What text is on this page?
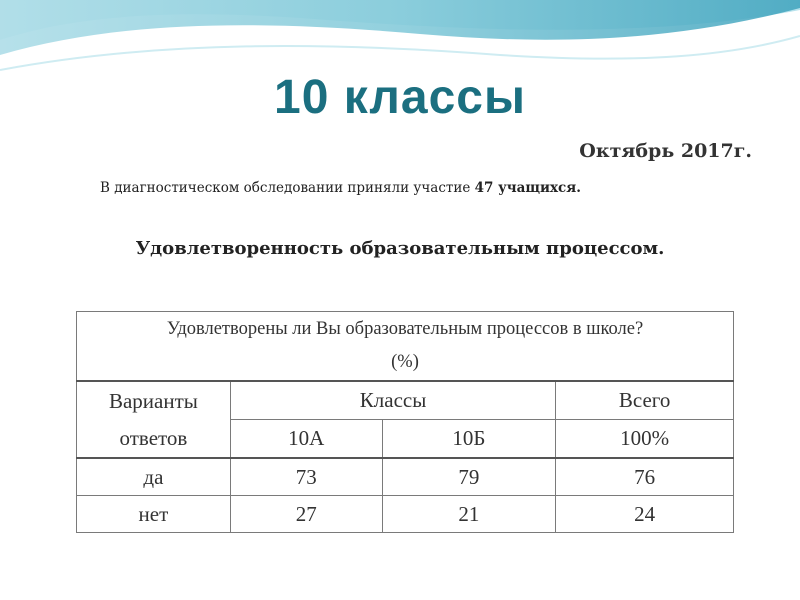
10 классы
Октябрь 2017г.
В диагностическом обследовании приняли участие 47 учащихся.
Удовлетворенность образовательным процессом.
Удовлетворены ли Вы образовательным процессов в школе?
(%)			

Варианты ответов	Классы		Всего
	10А	10Б	100%
да	73	79	76
нет	27	21	24
